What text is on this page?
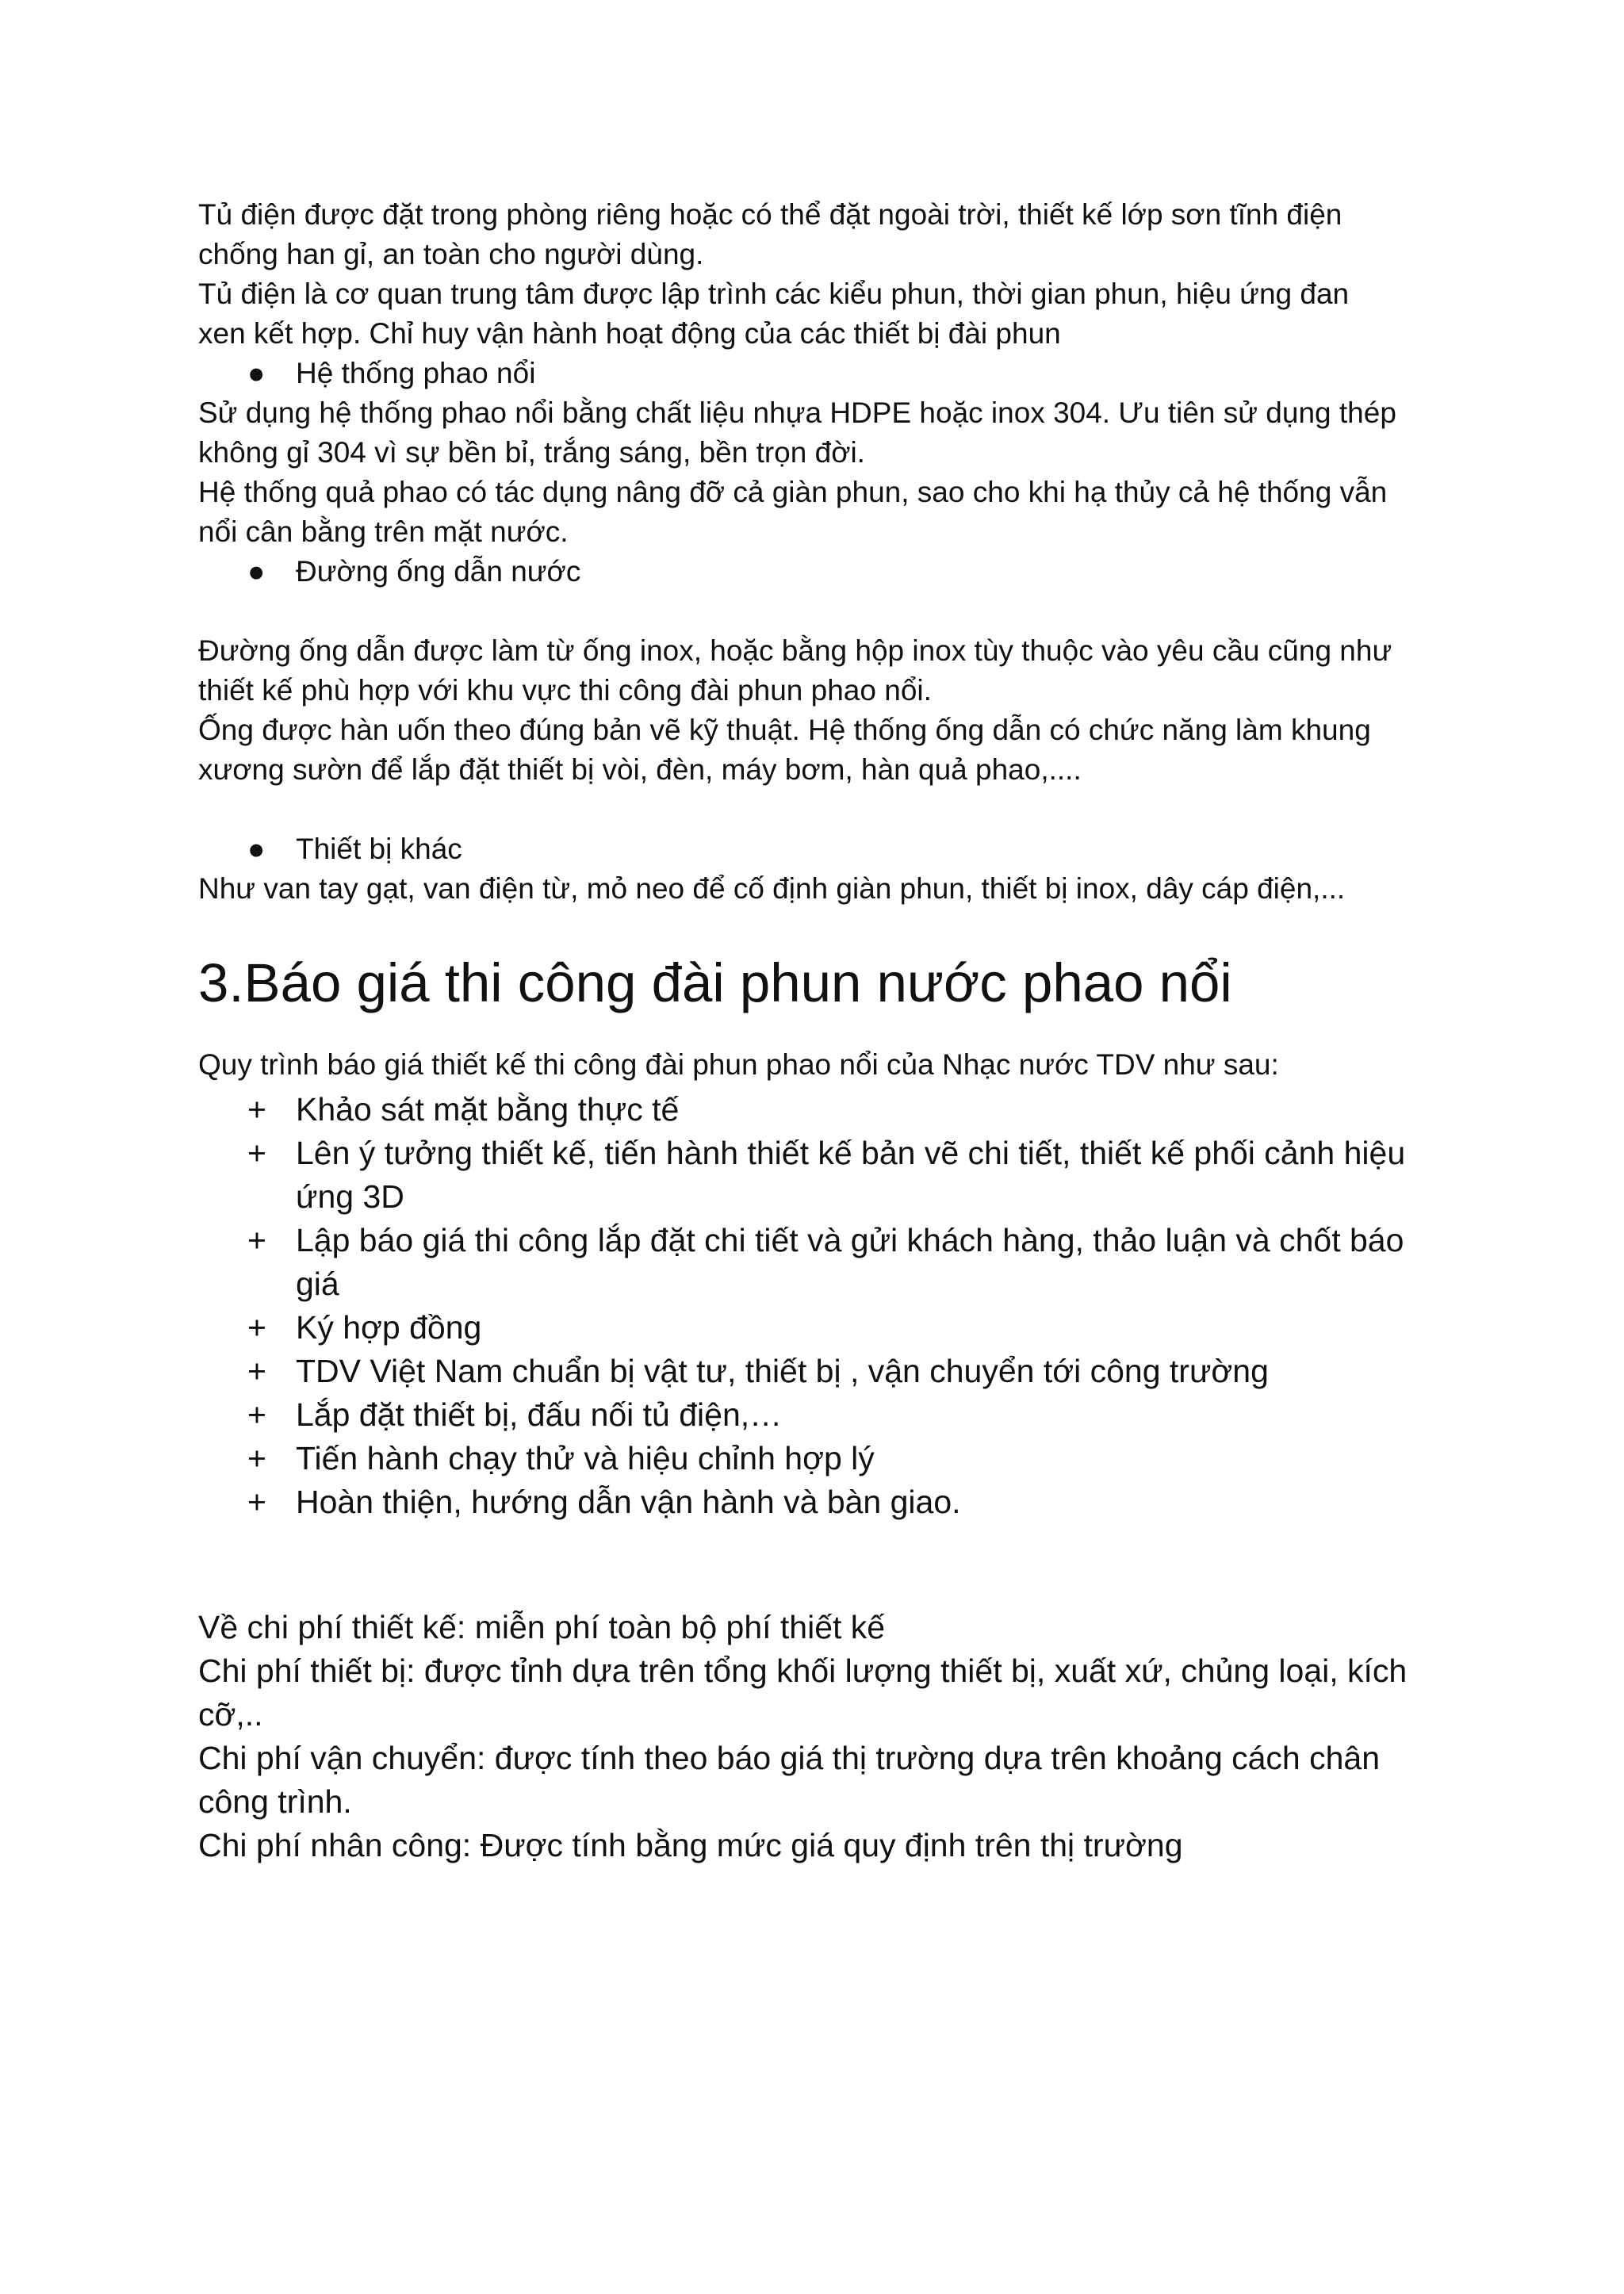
Tủ điện được đặt trong phòng riêng hoặc có thể đặt ngoài trời, thiết kế lớp sơn tĩnh điện

chống han gỉ, an toàn cho người dùng.

Tủ điện là cơ quan trung tâm được lập trình các kiểu phun, thời gian phun, hiệu ứng đan

xen kết hợp. Chỉ huy vận hành hoạt động của các thiết bị đài phun

● Hệ thống phao nổi

Sử dụng hệ thống phao nổi bằng chất liệu nhựa HDPE hoặc inox 304. Ưu tiên sử dụng thép

không gỉ 304 vì sự bền bỉ, trắng sáng, bền trọn đời.

Hệ thống quả phao có tác dụng nâng đỡ cả giàn phun, sao cho khi hạ thủy cả hệ thống vẫn

nổi cân bằng trên mặt nước.

● Đường ống dẫn nước

Đường ống dẫn được làm từ ống inox, hoặc bằng hộp inox tùy thuộc vào yêu cầu cũng như

thiết kế phù hợp với khu vực thi công đài phun phao nổi.

Ống được hàn uốn theo đúng bản vẽ kỹ thuật. Hệ thống ống dẫn có chức năng làm khung

xương sườn để lắp đặt thiết bị vòi, đèn, máy bơm, hàn quả phao,....

● Thiết bị khác

Như van tay gạt, van điện từ, mỏ neo để cố định giàn phun, thiết bị inox, dây cáp điện,...

3.Báo giá thi công đài phun nước phao nổi

Quy trình báo giá thiết kế thi công đài phun phao nổi của Nhạc nước TDV như sau:

+ Khảo sát mặt bằng thực tế
+ Lên ý tưởng thiết kế, tiến hành thiết kế bản vẽ chi tiết, thiết kế phối cảnh hiệu ứng 3D
+ Lập báo giá thi công lắp đặt chi tiết và gửi khách hàng, thảo luận và chốt báo giá
+ Ký hợp đồng
+ TDV Việt Nam chuẩn bị vật tư, thiết bị , vận chuyển tới công trường
+ Lắp đặt thiết bị, đấu nối tủ điện,…
+ Tiến hành chạy thử và hiệu chỉnh hợp lý
+ Hoàn thiện, hướng dẫn vận hành và bàn giao.

Về chi phí thiết kế: miễn phí toàn bộ phí thiết kế

Chi phí thiết bị: được tỉnh dựa trên tổng khối lượng thiết bị, xuất xứ, chủng loại, kích cỡ,..

Chi phí vận chuyển: được tính theo báo giá thị trường dựa trên khoảng cách chân công trình.

Chi phí nhân công: Được tính bằng mức giá quy định trên thị trường
